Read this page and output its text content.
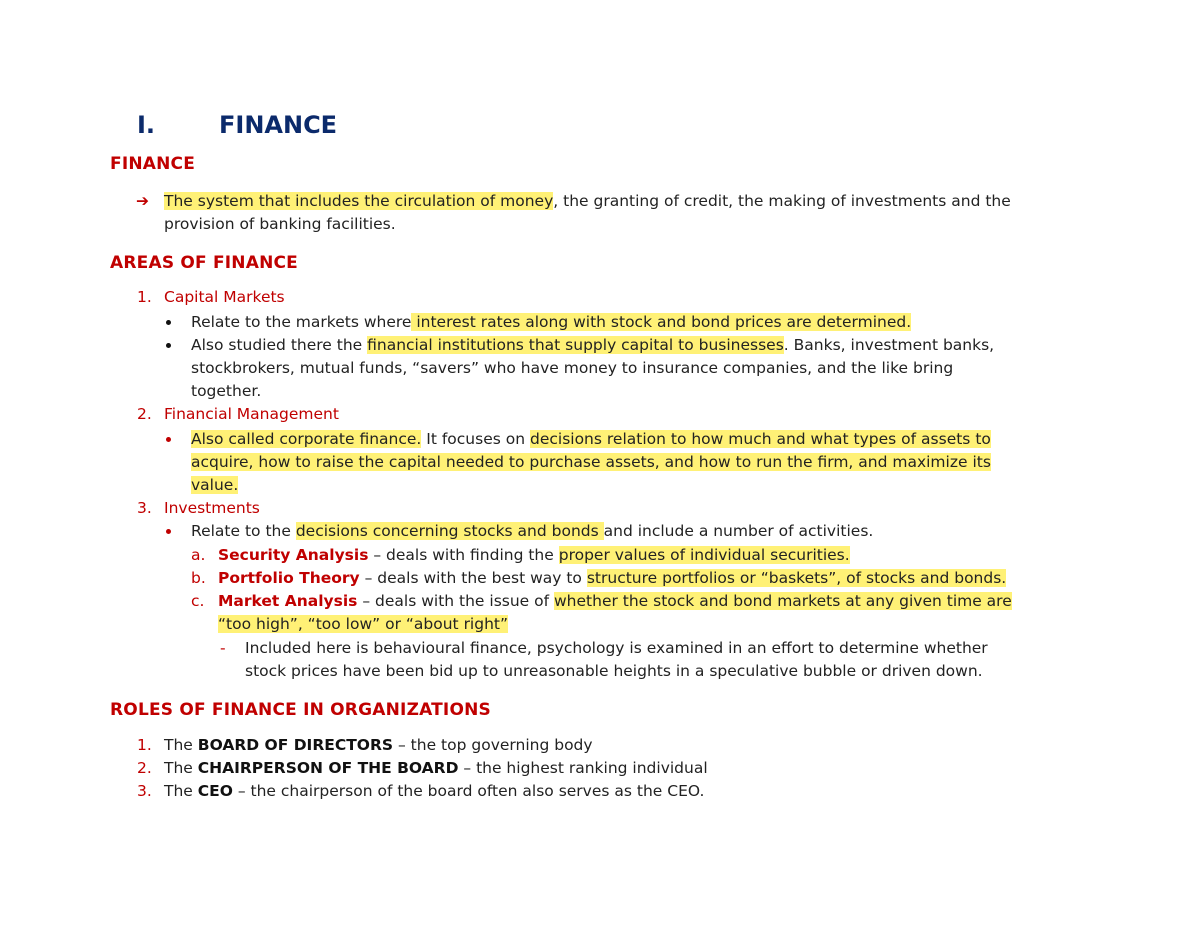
I.	FINANCE
FINANCE
➔ The system that includes the circulation of money, the granting of credit, the making of investments and the
provision of banking facilities.
AREAS OF FINANCE
1. Capital Markets
Relate to the markets where interest rates along with stock and bond prices are determined.
Also studied there the financial institutions that supply capital to businesses. Banks, investment banks,
stockbrokers, mutual funds, “savers” who have money to insurance companies, and the like bring
together.
2. Financial Management
Also called corporate finance. It focuses on decisions relation to how much and what types of assets to
acquire, how to raise the capital needed to purchase assets, and how to run the firm, and maximize its
value.
3. Investments
Relate to the decisions concerning stocks and bonds and include a number of activities.
a. Security Analysis – deals with finding the proper values of individual securities.
b. Portfolio Theory – deals with the best way to structure portfolios or “baskets”, of stocks and bonds.
c. Market Analysis – deals with the issue of whether the stock and bond markets at any given time are
“too high”, “too low” or “about right”
- Included here is behavioural finance, psychology is examined in an effort to determine whether
stock prices have been bid up to unreasonable heights in a speculative bubble or driven down.
ROLES OF FINANCE IN ORGANIZATIONS
1. The BOARD OF DIRECTORS – the top governing body
2. The CHAIRPERSON OF THE BOARD – the highest ranking individual
3. The CEO – the chairperson of the board often also serves as the CEO.
